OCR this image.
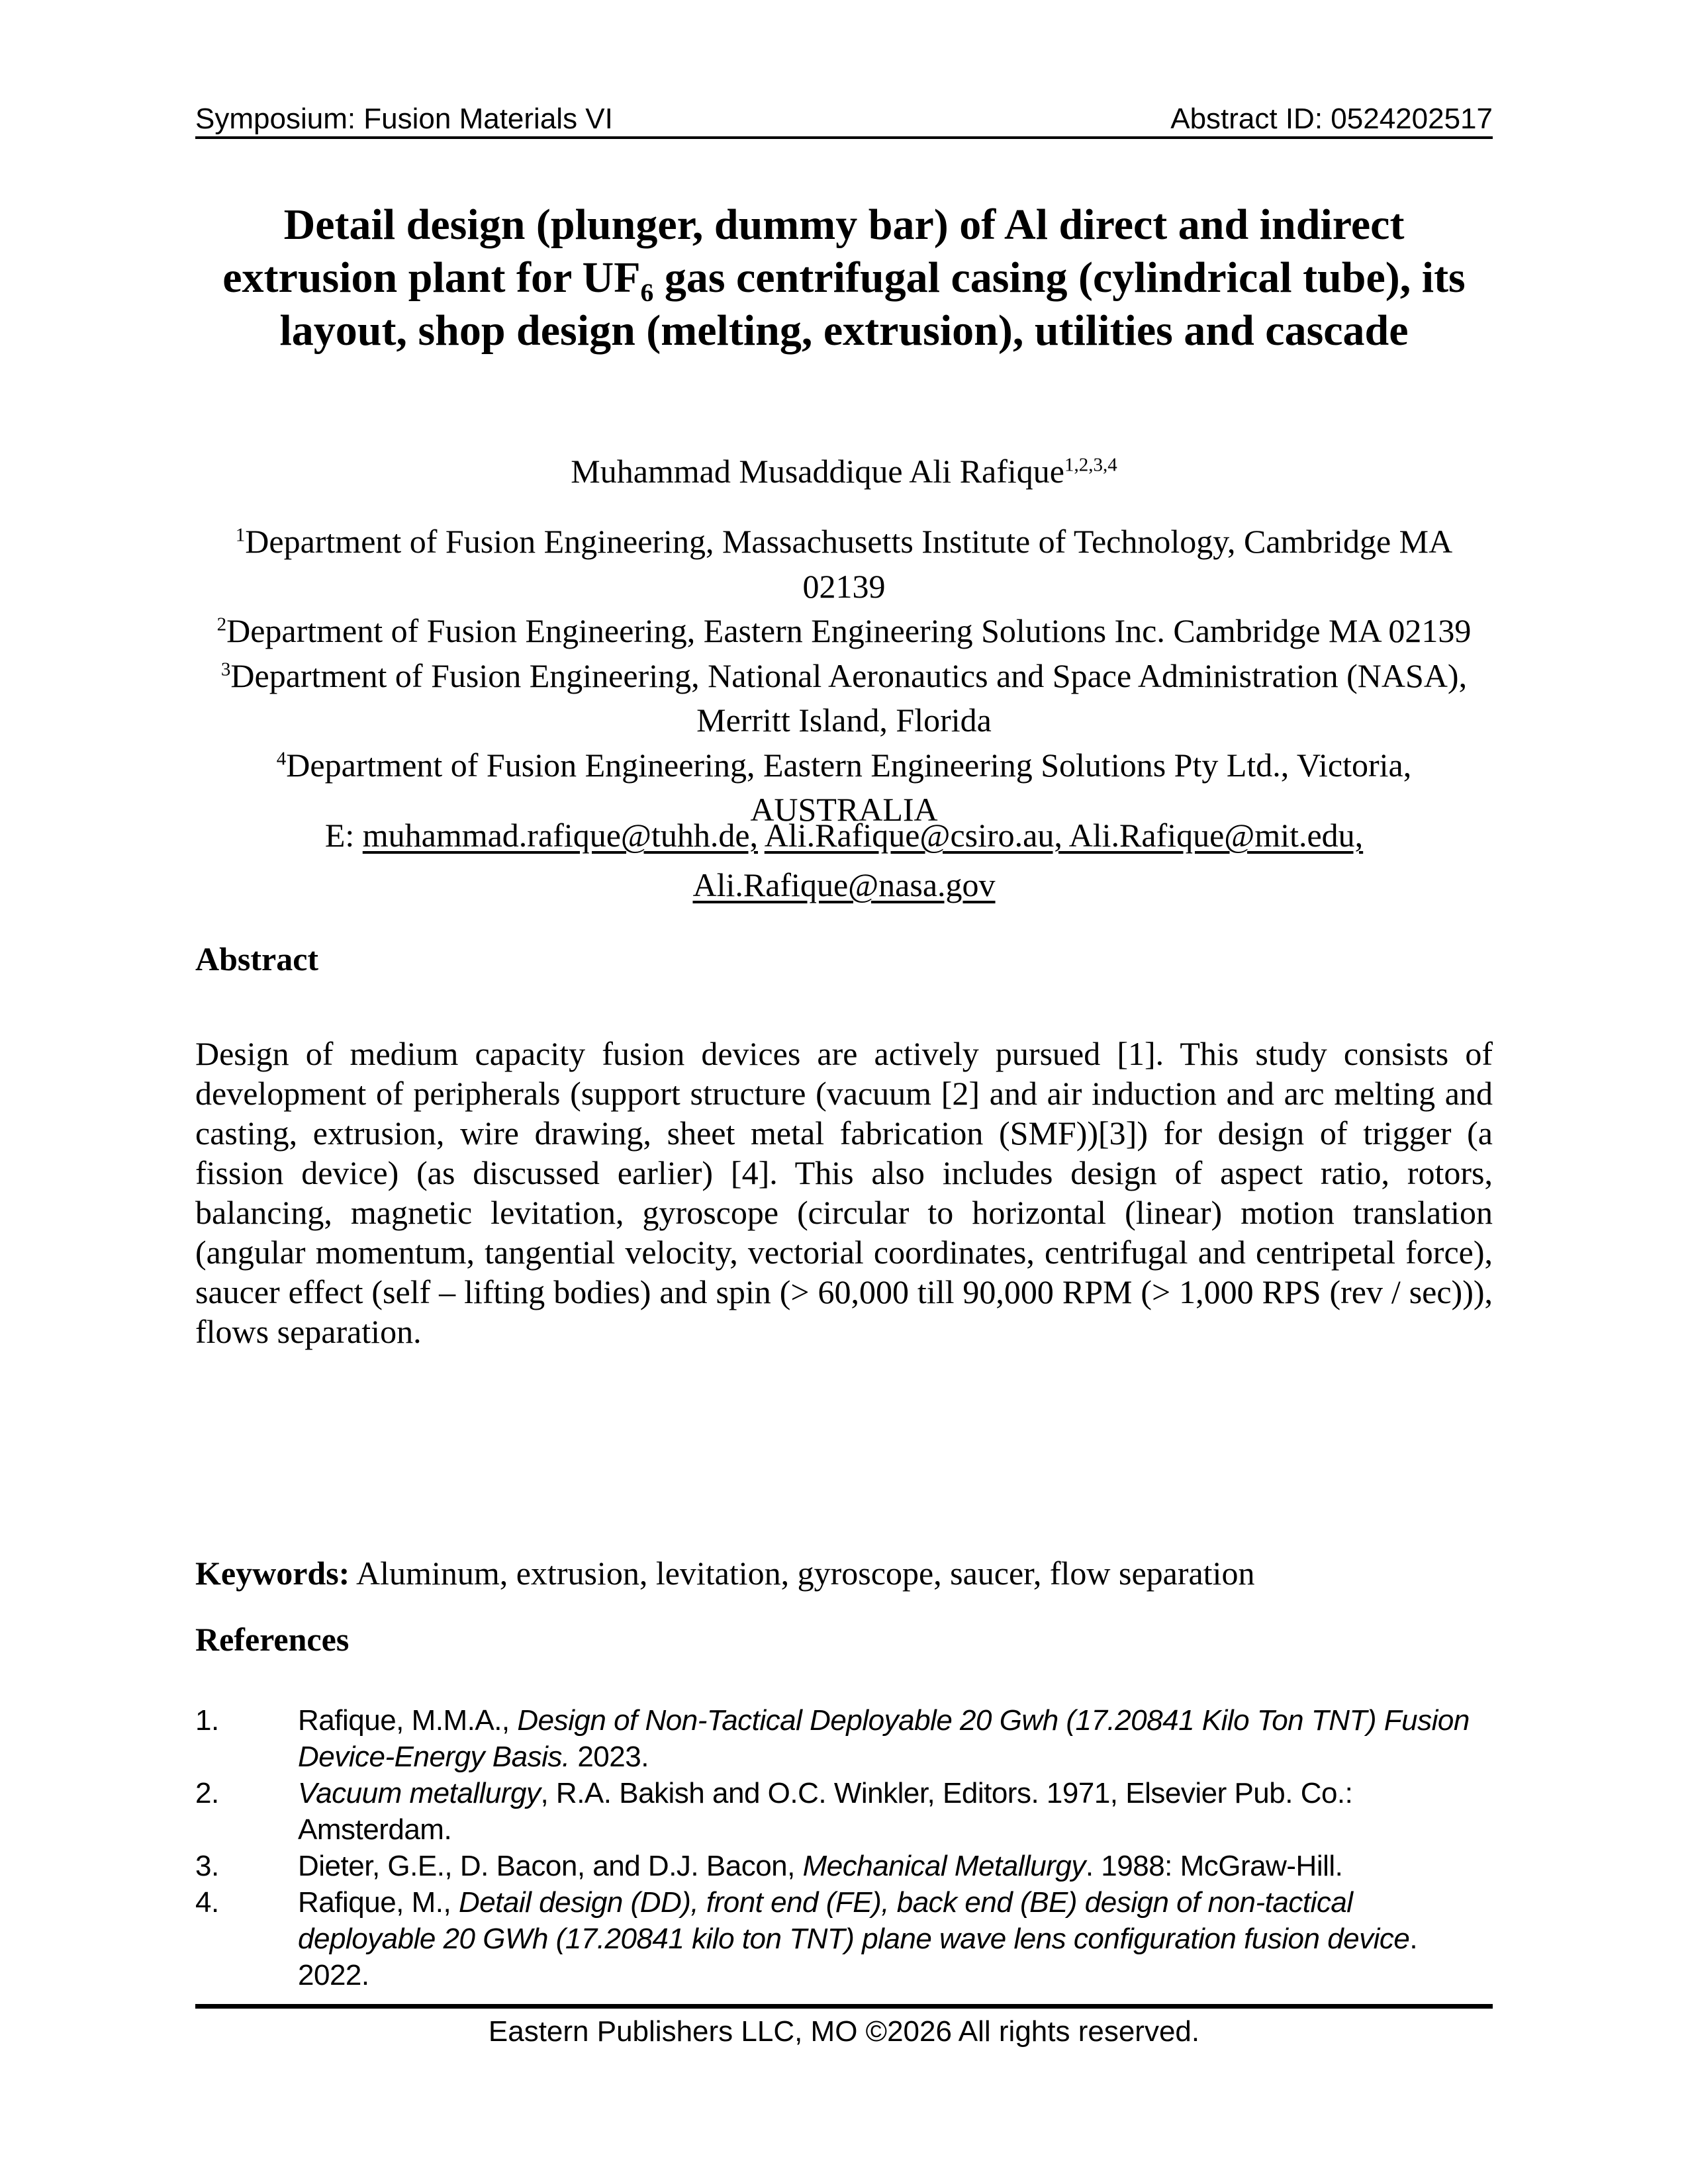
Symposium: Fusion Materials VI	Abstract ID: 0524202517
Detail design (plunger, dummy bar) of Al direct and indirect
extrusion plant for $UF_6$ gas centrifugal casing (cylindrical tube), its
layout, shop design (melting, extrusion), utilities and cascade
Muhammad Musaddique Ali Rafique$^{1,2,3,4}$
$^1$Department of Fusion Engineering, Massachusetts Institute of Technology, Cambridge MA 02139
$^2$Department of Fusion Engineering, Eastern Engineering Solutions Inc. Cambridge MA 02139
$^3$Department of Fusion Engineering, National Aeronautics and Space Administration (NASA),
Merritt Island, Florida
$^4$Department of Fusion Engineering, Eastern Engineering Solutions Pty Ltd., Victoria,
AUSTRALIA
E: muhammad.rafique@tuhh.de, Ali.Rafique@csiro.au, Ali.Rafique@mit.edu,
Ali.Rafique@nasa.gov
Abstract

Design of medium capacity fusion devices are actively pursued [1]. This study consists of development of peripherals (support structure (vacuum [2] and air induction and arc melting and casting, extrusion, wire drawing, sheet metal fabrication (SMF))[3]) for design of trigger (a fission device) (as discussed earlier) [4]. This also includes design of aspect ratio, rotors, balancing, magnetic levitation, gyroscope (circular to horizontal (linear) motion translation (angular momentum, tangential velocity, vectorial coordinates, centrifugal and centripetal force), saucer effect (self – lifting bodies) and spin (> 60,000 till 90,000 RPM (> 1,000 RPS (rev / sec))), flows separation.

Keywords: Aluminum, extrusion, levitation, gyroscope, saucer, flow separation
References
1.	Rafique, M.M.A., Design of Non-Tactical Deployable 20 Gwh (17.20841 Kilo Ton TNT) Fusion Device-Energy Basis. 2023.
2.	Vacuum metallurgy, R.A. Bakish and O.C. Winkler, Editors. 1971, Elsevier Pub. Co.: Amsterdam.
3.	Dieter, G.E., D. Bacon, and D.J. Bacon, Mechanical Metallurgy. 1988: McGraw-Hill.
4.	Rafique, M., Detail design (DD), front end (FE), back end (BE) design of non-tactical deployable 20 GWh (17.20841 kilo ton TNT) plane wave lens configuration fusion device. 2022.
Eastern Publishers LLC, MO ©2026 All rights reserved.
